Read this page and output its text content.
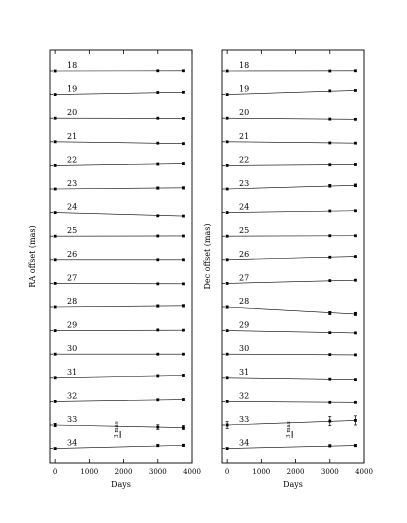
0	1000 2000 3000 4000
Days
RA offset (mas)
18
19
20
21
22
23
24
25
26
27
28
29
30
31
32
33
34
3 mas
0	1000 2000 3000 4000
Days
Dec offset (mas)
18
19
20
21
22
23
24
25
26
27
28
29
30
31
32
33
34
3 mas
